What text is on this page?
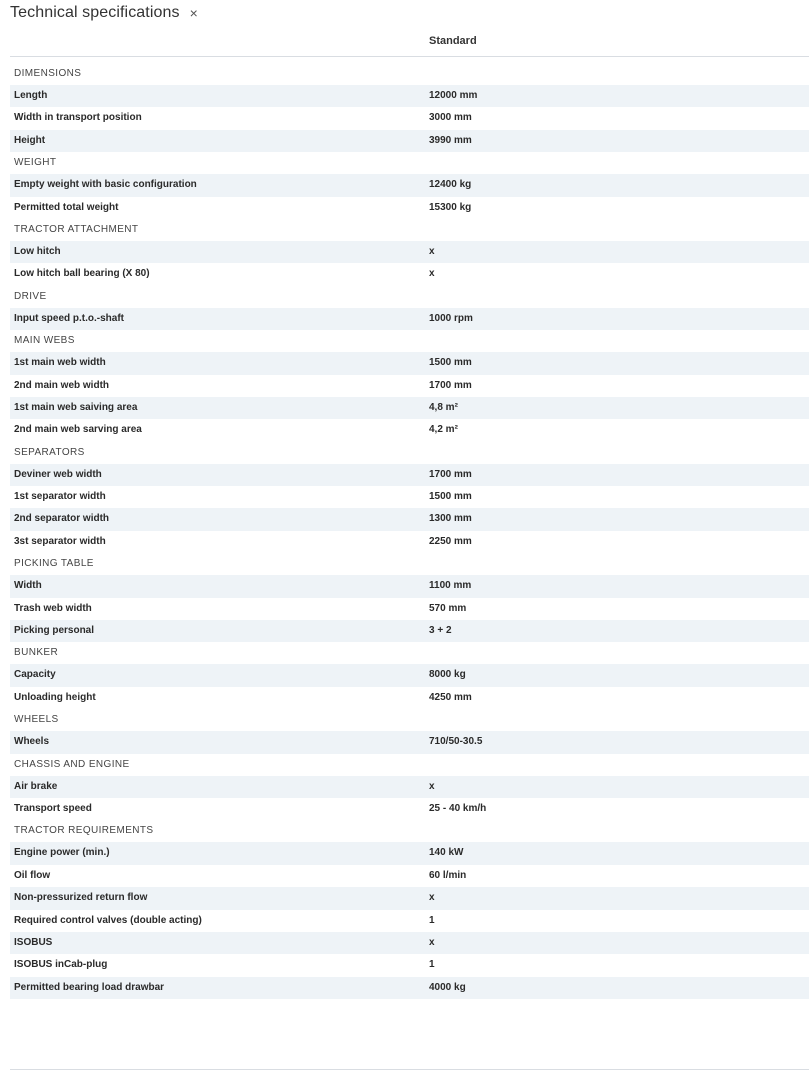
Technical specifications ×
Standard
DIMENSIONS
Length	12000 mm
Width in transport position	3000 mm
Height	3990 mm
WEIGHT
Empty weight with basic configuration	12400 kg
Permitted total weight	15300 kg
TRACTOR ATTACHMENT
Low hitch	x
Low hitch ball bearing (X 80)	x
DRIVE
Input speed p.t.o.-shaft	1000 rpm
MAIN WEBS
1st main web width	1500 mm
2nd main web width	1700 mm
1st main web saiving area	4,8 m²
2nd main web sarving area	4,2 m²
SEPARATORS
Deviner web width	1700 mm
1st separator width	1500 mm
2nd separator width	1300 mm
3st separator width	2250 mm
PICKING TABLE
Width	1100 mm
Trash web width	570 mm
Picking personal	3 + 2
BUNKER
Capacity	8000 kg
Unloading height	4250 mm
WHEELS
Wheels	710/50-30.5
CHASSIS AND ENGINE
Air brake	x
Transport speed	25 - 40 km/h
TRACTOR REQUIREMENTS
Engine power (min.)	140 kW
Oil flow	60 l/min
Non-pressurized return flow	x
Required control valves (double acting)	1
ISOBUS	x
ISOBUS inCab-plug	1
Permitted bearing load drawbar	4000 kg
